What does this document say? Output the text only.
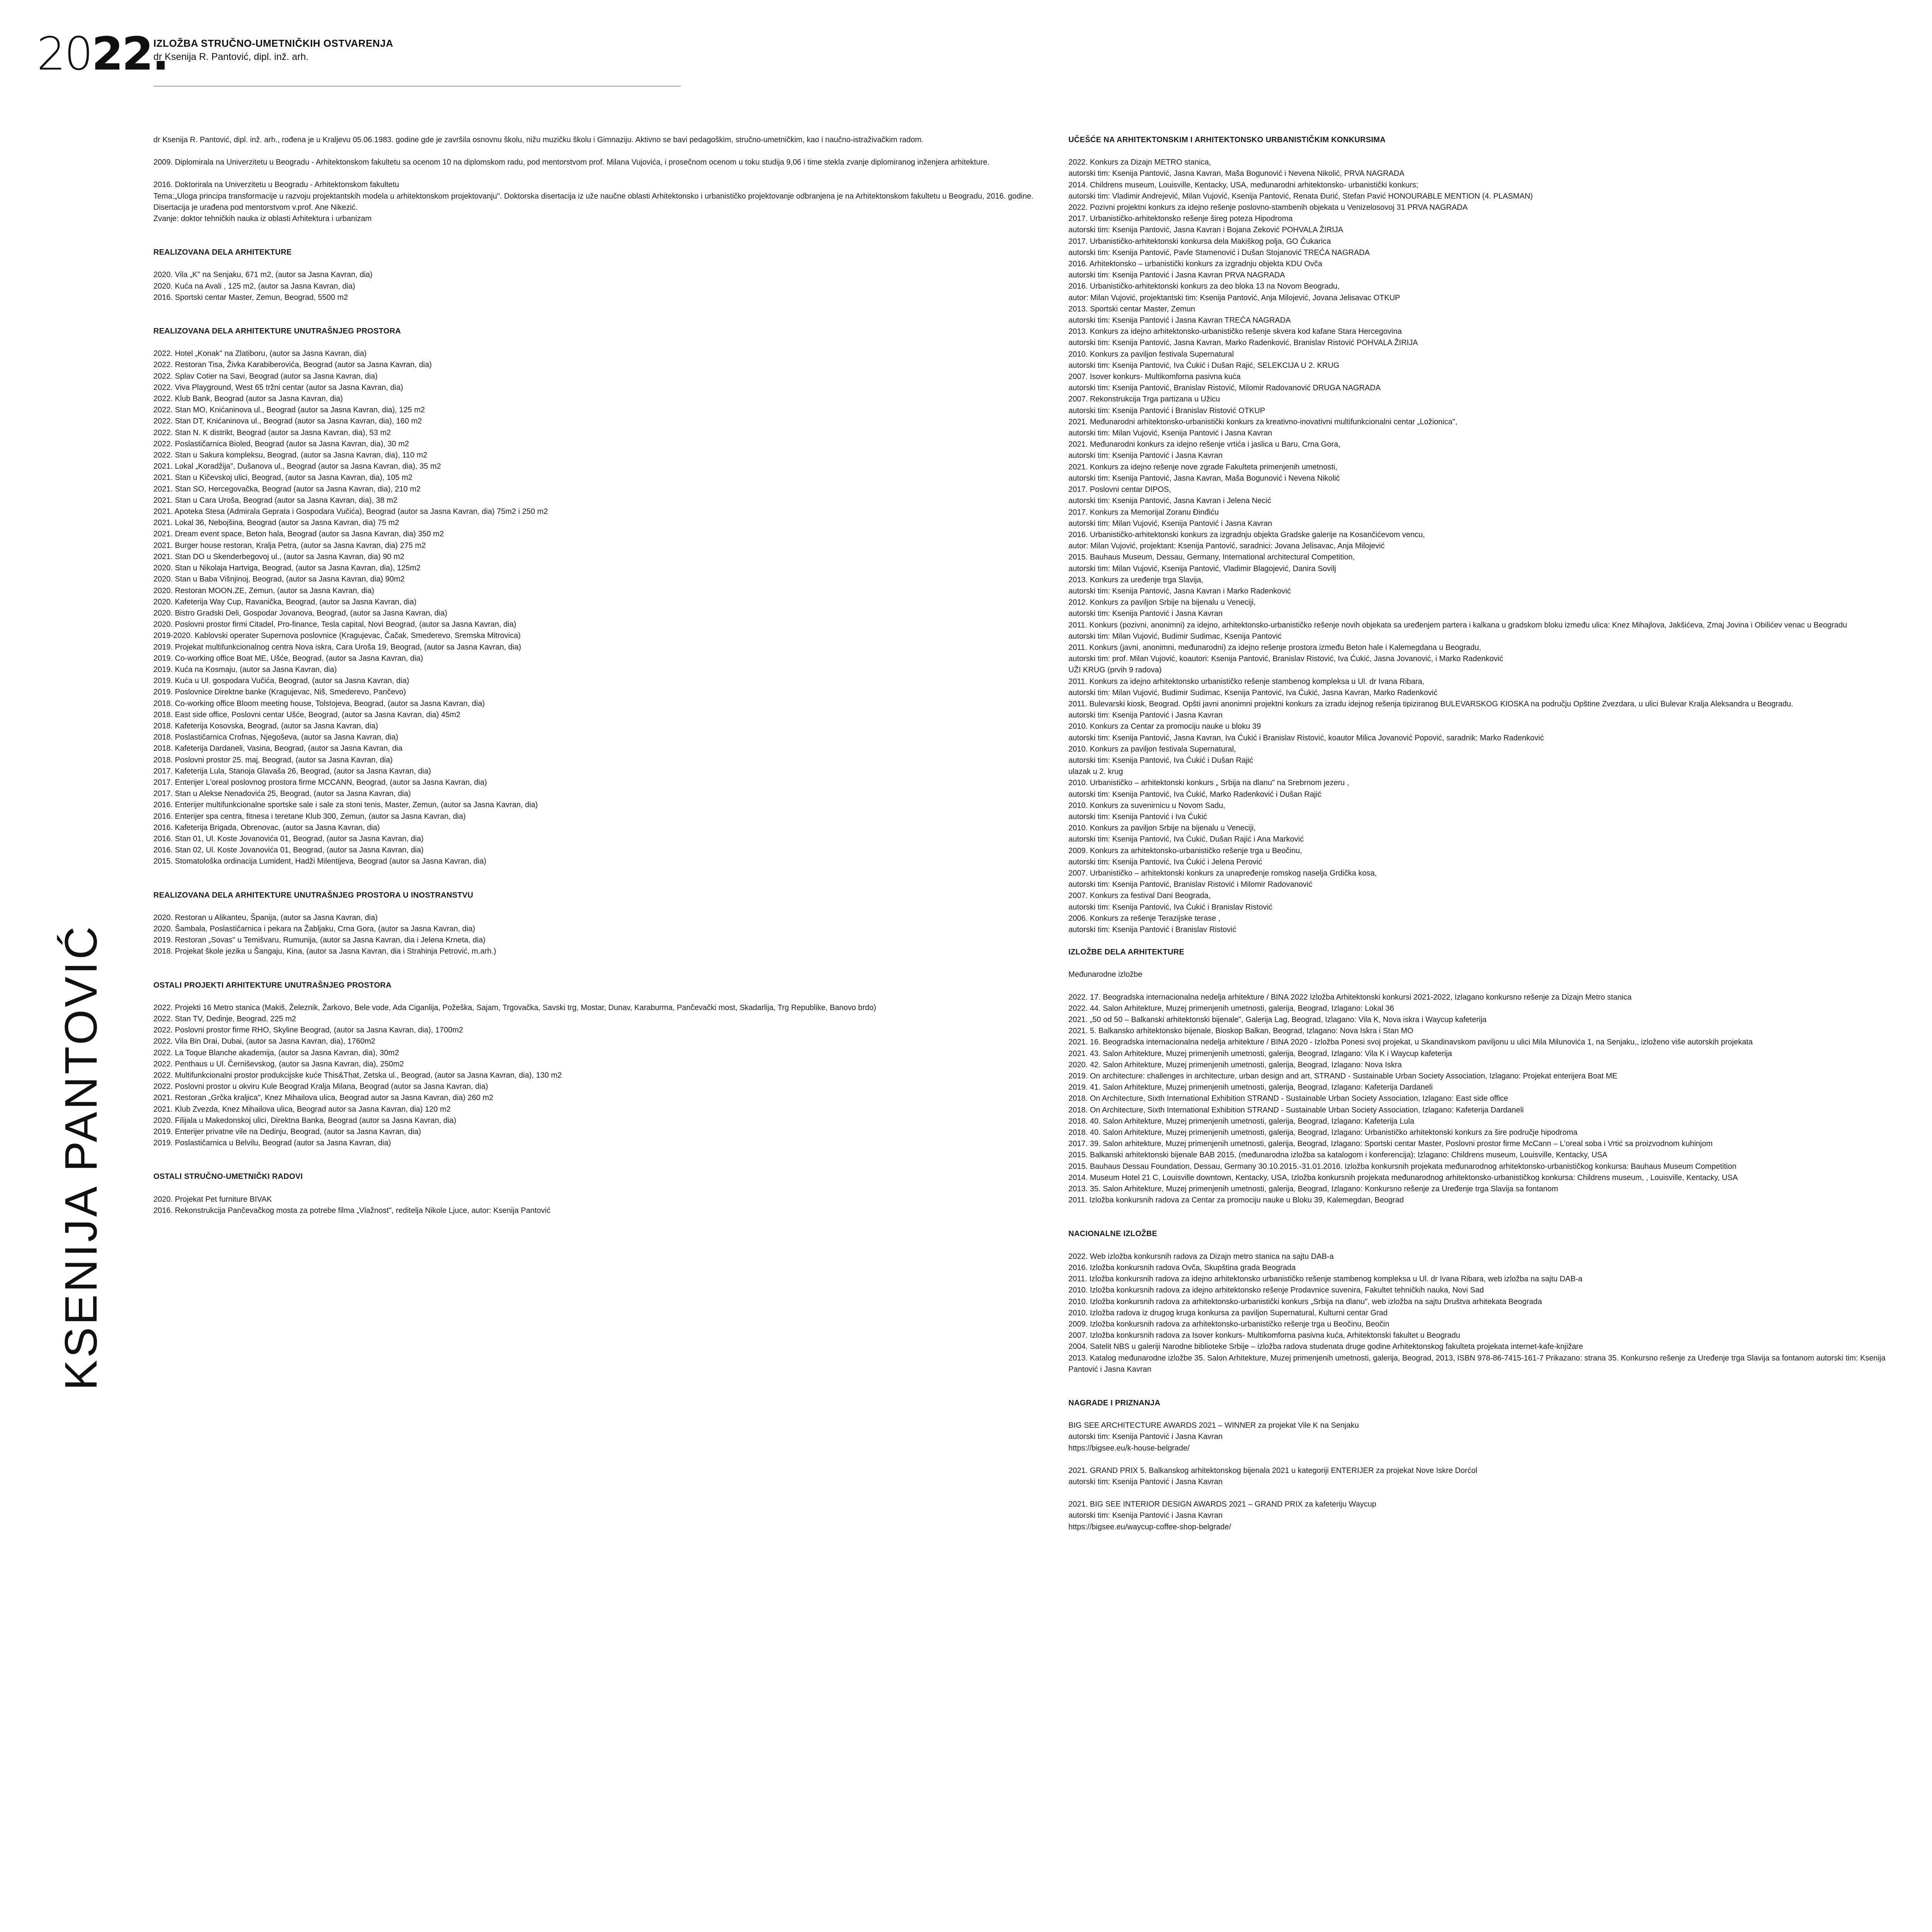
2022.
IZLOŽBA STRUČNO-UMETNIČKIH OSTVARENJA
dr Ksenija R. Pantović, dipl. inž. arh.
KSENIJA PANTOVIĆ

dr Ksenija R. Pantović, dipl. inž. arh., rođena je u Kraljevu 05.06.1983. godine gde je završila osnovnu školu, nižu muzičku školu i Gimnaziju. Aktivno se bavi pedagoškim, stručno-umetničkim, kao i naučno-istraživačkim radom.

2009. Diplomirala na Univerzitetu u Beogradu - Arhitektonskom fakultetu sa ocenom 10 na diplomskom radu, pod mentorstvom prof. Milana Vujovića, i prosečnom ocenom u toku studija 9,06 i time stekla zvanje diplomiranog inženjera arhitekture.

2016. Doktorirala na Univerzitetu u Beogradu - Arhitektonskom fakultetu
Tema:„Uloga principa transformacije u razvoju projektantskih modela u arhitektonskom projektovanju". Doktorska disertacija iz uže naučne oblasti Arhitektonsko i urbanističko projektovanje odbranjena je na Arhitektonskom fakultetu u Beogradu, 2016. godine. Disertacija je urađena pod mentorstvom v.prof. Ane Nikezić.
Zvanje: doktor tehničkih nauka iz oblasti Arhitektura i urbanizam
REALIZOVANA DELA ARHITEKTURE
2020. Vila „K" na Senjaku, 671 m2, (autor sa Jasna Kavran, dia)
2020. Kuća na Avali , 125 m2, (autor sa Jasna Kavran, dia)
2016. Sportski centar Master, Zemun, Beograd, 5500 m2
REALIZOVANA DELA ARHITEKTURE UNUTRAŠNJEG PROSTORA
2022. Hotel „Konak" na Zlatiboru, (autor sa Jasna Kavran, dia)
2022. Restoran Tisa, Živka Karabiberovića, Beograd (autor sa Jasna Kavran, dia)
2022. Splav Cotier na Savi, Beograd (autor sa Jasna Kavran, dia)
2022. Viva Playground, West 65 tržni centar (autor sa Jasna Kavran, dia)
2022. Klub Bank, Beograd (autor sa Jasna Kavran, dia)
2022. Stan MO, Knićaninova ul., Beograd (autor sa Jasna Kavran, dia), 125 m2
2022. Stan DT, Knićaninova ul., Beograd (autor sa Jasna Kavran, dia), 160 m2
2022. Stan N. K distrikt, Beograd (autor sa Jasna Kavran, dia), 53 m2
2022. Poslastičarnica Bioled, Beograd (autor sa Jasna Kavran, dia), 30 m2
2022. Stan u Sakura kompleksu, Beograd, (autor sa Jasna Kavran, dia), 110 m2
2021. Lokal „Koradžija", Dušanova ul., Beograd (autor sa Jasna Kavran, dia), 35 m2
2021. Stan u Kičevskoj ulici, Beograd, (autor sa Jasna Kavran, dia), 105 m2
2021. Stan SO, Hercegovačka, Beograd (autor sa Jasna Kavran, dia), 210 m2
2021. Stan u Cara Uroša, Beograd (autor sa Jasna Kavran, dia), 38 m2
2021. Apoteka Stesa (Admirala Geprata i Gospodara Vučića), Beograd (autor sa Jasna Kavran, dia) 75m2 i 250 m2
2021. Lokal 36, Nebojšina, Beograd (autor sa Jasna Kavran, dia) 75 m2
2021. Dream event space, Beton hala, Beograd (autor sa Jasna Kavran, dia) 350 m2
2021. Burger house restoran, Kralja Petra, (autor sa Jasna Kavran, dia) 275 m2
2021. Stan DO u Skenderbegovoj ul., (autor sa Jasna Kavran, dia) 90 m2
2020. Stan u Nikolaja Hartviga, Beograd, (autor sa Jasna Kavran, dia), 125m2
2020. Stan u Baba Višnjinoj, Beograd, (autor sa Jasna Kavran, dia) 90m2
2020. Restoran MOON.ZE, Zemun, (autor sa Jasna Kavran, dia)
2020. Kafeterija Way Cup, Ravanička, Beograd, (autor sa Jasna Kavran, dia)
2020. Bistro Gradski Deli, Gospodar Jovanova, Beograd, (autor sa Jasna Kavran, dia)
2020. Poslovni prostor firmi Citadel, Pro-finance, Tesla capital, Novi Beograd, (autor sa Jasna Kavran, dia)
2019-2020. Kablovski operater Supernova poslovnice (Kragujevac, Čačak, Smederevo, Sremska Mitrovica)
2019. Projekat multifunkcionalnog centra Nova iskra, Cara Uroša 19, Beograd, (autor sa Jasna Kavran, dia)
2019. Co-working office Boat ME, Ušće, Beograd, (autor sa Jasna Kavran, dia)
2019. Kuća na Kosmaju, (autor sa Jasna Kavran, dia)
2019. Kuća u Ul. gospodara Vučića, Beograd, (autor sa Jasna Kavran, dia)
2019. Poslovnice Direktne banke (Kragujevac, Niš, Smederevo, Pančevo)
2018. Co-working office Bloom meeting house, Tolstojeva, Beograd, (autor sa Jasna Kavran, dia)
2018. East side office, Poslovni centar Ušće, Beograd, (autor sa Jasna Kavran, dia) 45m2
2018. Kafeterija Kosovska, Beograd, (autor sa Jasna Kavran, dia)
2018. Poslastičarnica Crofnas, Njegoševa, (autor sa Jasna Kavran, dia)
2018. Kafeterija Dardaneli, Vasina, Beograd, (autor sa Jasna Kavran, dia
2018. Poslovni prostor 25. maj, Beograd, (autor sa Jasna Kavran, dia)
2017. Kafeterija Lula, Stanoja Glavaša 26, Beograd, (autor sa Jasna Kavran, dia)
2017. Enterijer L'oreal poslovnog prostora firme MCCANN, Beograd, (autor sa Jasna Kavran, dia)
2017. Stan u Alekse Nenadovića 25, Beograd, (autor sa Jasna Kavran, dia)
2016. Enterijer multifunkcionalne sportske sale i sale za stoni tenis, Master, Zemun, (autor sa Jasna Kavran, dia)
2016. Enterijer spa centra, fitnesa i teretane Klub 300, Zemun, (autor sa Jasna Kavran, dia)
2016. Kafeterija Brigada, Obrenovac, (autor sa Jasna Kavran, dia)
2016. Stan 01, Ul. Koste Jovanovića 01, Beograd, (autor sa Jasna Kavran, dia)
2016. Stan 02, Ul. Koste Jovanovića 01, Beograd, (autor sa Jasna Kavran, dia)
2015. Stomatološka ordinacija Lumident, Hadži Milentijeva, Beograd (autor sa Jasna Kavran, dia)
REALIZOVANA DELA ARHITEKTURE UNUTRAŠNJEG PROSTORA U INOSTRANSTVU
2020. Restoran u Alikanteu, Španija, (autor sa Jasna Kavran, dia)
2020. Šambala, Poslastičarnica i pekara na Žabljaku, Crna Gora, (autor sa Jasna Kavran, dia)
2019. Restoran „Sovas" u Temišvaru, Rumunija, (autor sa Jasna Kavran, dia i Jelena Krneta, dia)
2018. Projekat škole jezika u Šangaju, Kina, (autor sa Jasna Kavran, dia i Strahinja Petrović, m.arh.)
OSTALI PROJEKTI ARHITEKTURE UNUTRAŠNJEG PROSTORA
2022. Projekti 16 Metro stanica (Makiš, Železnik, Žarkovo, Bele vode, Ada Ciganlija, Požeška, Sajam, Trgovačka, Savski trg, Mostar, Dunav, Karaburma, Pančevački most, Skadarlija, Trg Republike, Banovo brdo)
2022. Stan TV, Dedinje, Beograd, 225 m2
2022. Poslovni prostor firme RHO, Skyline Beograd, (autor sa Jasna Kavran, dia), 1700m2
2022. Vila Bin Drai, Dubai, (autor sa Jasna Kavran, dia), 1760m2
2022. La Toque Blanche akademija, (autor sa Jasna Kavran, dia), 30m2
2022. Penthaus u Ul. Černiševskog, (autor sa Jasna Kavran, dia), 250m2
2022. Multifunkcionalni prostor produkcijske kuće This&That, Zetska ul., Beograd, (autor sa Jasna Kavran, dia), 130 m2
2022. Poslovni prostor u okviru Kule Beograd Kralja Milana, Beograd (autor sa Jasna Kavran, dia)
2021. Restoran „Grčka kraljica", Knez Mihailova ulica, Beograd autor sa Jasna Kavran, dia) 260 m2
2021. Klub Zvezda, Knez Mihailova ulica, Beograd autor sa Jasna Kavran, dia) 120 m2
2020. Filijala u Makedonskoj ulici, Direktna Banka, Beograd (autor sa Jasna Kavran, dia)
2019. Enterijer privatne vile na Dedinju, Beograd, (autor sa Jasna Kavran, dia)
2019. Poslastičarnica u Belvilu, Beograd (autor sa Jasna Kavran, dia)
OSTALI STRUČNO-UMETNIČKI RADOVI
2020. Projekat Pet furniture BIVAK
2016. Rekonstrukcija Pančevačkog mosta za potrebe filma „Vlažnost", reditelja Nikole Ljuce, autor: Ksenija Pantović
UČEŠĆE NA ARHITEKTONSKIM I ARHITEKTONSKO URBANISTIČKIM KONKURSIMA
2022. Konkurs za Dizajn METRO stanica,
autorski tim: Ksenija Pantović, Jasna Kavran, Maša Bogunović i Nevena Nikolić, PRVA NAGRADA
2014. Childrens museum, Louisville, Kentacky, USA, međunarodni arhitektonsko- urbanistički konkurs;
autorski tim: Vladimir Andrejević, Milan Vujović, Ksenija Pantović, Renata Đurić, Stefan Pavić HONOURABLE MENTION (4. PLASMAN)
2022. Pozivni projektni konkurs za idejno rešenje poslovno-stambenih objekata u Venizelosovoj 31 PRVA NAGRADA
2017. Urbanističko-arhitektonsko rešenje šireg poteza Hipodroma
autorski tim: Ksenija Pantović, Jasna Kavran i Bojana Zeković POHVALA ŽIRIJA
2017. Urbanističko-arhitektonski konkursa dela Makiškog polja, GO Čukarica
autorski tim: Ksenija Pantović, Pavle Stamenović i Dušan Stojanović TREĆA NAGRADA
2016. Arhitektonsko – urbanistički konkurs za izgradnju objekta KDU Ovča
autorski tim: Ksenija Pantović i Jasna Kavran PRVA NAGRADA
2016. Urbanističko-arhitektonski konkurs za deo bloka 13 na Novom Beogradu,
autor: Milan Vujović, projektantski tim: Ksenija Pantović, Anja Milojević, Jovana Jelisavac OTKUP
2013. Sportski centar Master, Zemun
autorski tim: Ksenija Pantović i Jasna Kavran TREĆA NAGRADA
2013. Konkurs za idejno arhitektonsko-urbanističko rešenje skvera kod kafane Stara Hercegovina
autorski tim: Ksenija Pantović, Jasna Kavran, Marko Radenković, Branislav Ristović POHVALA ŽIRIJA
2010. Konkurs za paviljon festivala Supernatural
autorski tim: Ksenija Pantović, Iva Ćukić i Dušan Rajić, SELEKCIJA U 2. KRUG
2007. Isover konkurs- Multikomforna pasivna kuća
autorski tim: Ksenija Pantović, Branislav Ristović, Milomir Radovanović DRUGA NAGRADA
2007. Rekonstrukcija Trga partizana u Užicu
autorski tim: Ksenija Pantović i Branislav Ristović OTKUP
2021. Međunarodni arhitektonsko-urbanistički konkurs za kreativno-inovativni multifunkcionalni centar „Ložionica",
autorski tim: Milan Vujović, Ksenija Pantović i Jasna Kavran
2021. Međunarodni konkurs za idejno rešenje vrtića i jaslica u Baru, Crna Gora,
autorski tim: Ksenija Pantović i Jasna Kavran
2021. Konkurs za idejno rešenje nove zgrade Fakulteta primenjenih umetnosti,
autorski tim: Ksenija Pantović, Jasna Kavran, Maša Bogunović i Nevena Nikolić
2017. Poslovni centar DIPOS,
autorski tim: Ksenija Pantović, Jasna Kavran i Jelena Necić
2017. Konkurs za Memorijal Zoranu Đinđiću
autorski tim: Milan Vujović, Ksenija Pantović i Jasna Kavran
2016. Urbanističko-arhitektonski konkurs za izgradnju objekta Gradske galerije na Kosančićevom vencu,
autor: Milan Vujović, projektant: Ksenija Pantović, saradnici: Jovana Jelisavac, Anja Milojević
2015. Bauhaus Museum, Dessau, Germany, International architectural Competition,
autorski tim: Milan Vujović, Ksenija Pantović, Vladimir Blagojević, Danira Sovilj
2013. Konkurs za uređenje trga Slavija,
autorski tim: Ksenija Pantović, Jasna Kavran i Marko Radenković
2012. Konkurs za paviljon Srbije na bijenalu u Veneciji,
autorski tim: Ksenija Pantović i Jasna Kavran
2011. Konkurs (pozivni, anonimni) za idejno, arhitektonsko-urbanističko rešenje novih objekata sa uređenjem partera i kalkana u gradskom bloku između ulica: Knez Mihajlova, Jakšićeva, Zmaj Jovina i Obilićev venac u Beogradu
autorski tim: Milan Vujović, Budimir Sudimac, Ksenija Pantović
2011. Konkurs (javni, anonimni, međunarodni) za idejno rešenje prostora između Beton hale i Kalemegdana u Beogradu,
autorski tim: prof. Milan Vujović, koautori: Ksenija Pantović, Branislav Ristović, Iva Ćukić, Jasna Jovanović, i Marko Radenković
UŽI KRUG (prvih 9 radova)
2011. Konkurs za idejno arhitektonsko urbanističko rešenje stambenog kompleksa u Ul. dr Ivana Ribara,
autorski tim: Milan Vujović, Budimir Sudimac, Ksenija Pantović, Iva Ćukić, Jasna Kavran, Marko Radenković
2011. Bulevarski kiosk, Beograd. Opšti javni anonimni projektni konkurs za izradu idejnog rešenja tipiziranog BULEVARSKOG KIOSKA na području Opštine Zvezdara, u ulici Bulevar Kralja Aleksandra u Beogradu.
autorski tim: Ksenija Pantović i Jasna Kavran
2010. Konkurs za Centar za promociju nauke u bloku 39
autorski tim: Ksenija Pantović, Jasna Kavran, Iva Ćukić i Branislav Ristović, koautor Milica Jovanović Popović, saradnik: Marko Radenković
2010. Konkurs za paviljon festivala Supernatural,
autorski tim: Ksenija Pantović, Iva Ćukić i Dušan Rajić
ulazak u 2. krug
2010. Urbanističko – arhitektonski konkurs „ Srbija na dlanu" na Srebrnom jezeru ,
autorski tim: Ksenija Pantović, Iva Ćukić, Marko Radenković i Dušan Rajić
2010. Konkurs za suvenirnicu u Novom Sadu,
autorski tim: Ksenija Pantović i Iva Ćukić
2010. Konkurs za paviljon Srbije na bijenalu u Veneciji,
autorski tim: Ksenija Pantović, Iva Ćukić, Dušan Rajić i Ana Marković
2009. Konkurs za arhitektonsko-urbanističko rešenje trga u Beočinu,
autorski tim: Ksenija Pantović, Iva Ćukić i Jelena Perović
2007. Urbanističko – arhitektonski konkurs za unapređenje romskog naselja Grdička kosa,
autorski tim: Ksenija Pantović, Branislav Ristović i Milomir Radovanović
2007. Konkurs za festival Dani Beograda,
autorski tim: Ksenija Pantović, Iva Ćukić i Branislav Ristović
2006. Konkurs za rešenje Terazijske terase ,
autorski tim: Ksenija Pantović i Branislav Ristović
IZLOŽBE DELA ARHITEKTURE
Međunarodne izložbe
2022. 17. Beogradska internacionalna nedelja arhitekture / BINA 2022 Izložba Arhitektonski konkursi 2021-2022, Izlagano konkursno rešenje za Dizajn Metro stanica
2022. 44. Salon Arhitekture, Muzej primenjenih umetnosti, galerija, Beograd, Izlagano: Lokal 36
2021. „50 od 50 – Balkanski arhitektonski bijenale", Galerija Lag, Beograd, Izlagano: Vila K, Nova iskra i Waycup kafeterija
2021. 5. Balkansko arhitektonsko bijenale, Bioskop Balkan, Beograd, Izlagano: Nova Iskra i Stan MO
2021. 16. Beogradska internacionalna nedelja arhitekture / BINA 2020 - Izložba Ponesi svoj projekat, u Skandinavskom paviljonu u ulici Mila Milunovića 1, na Senjaku,, izloženo više autorskih projekata
2021. 43. Salon Arhitekture, Muzej primenjenih umetnosti, galerija, Beograd, Izlagano: Vila K i Waycup kafeterija
2020. 42. Salon Arhitekture, Muzej primenjenih umetnosti, galerija, Beograd, Izlagano: Nova Iskra
2019. On architecture: challenges in architecture, urban design and art, STRAND - Sustainable Urban Society Association, Izlagano: Projekat enterijera Boat ME
2019. 41. Salon Arhitekture, Muzej primenjenih umetnosti, galerija, Beograd, Izlagano: Kafeterija Dardaneli
2018. On Architecture, Sixth International Exhibition STRAND - Sustainable Urban Society Association, Izlagano: East side office
2018. On Architecture, Sixth International Exhibition STRAND - Sustainable Urban Society Association, Izlagano: Kafeterija Dardaneli
2018. 40. Salon Arhitekture, Muzej primenjenih umetnosti, galerija, Beograd, Izlagano: Kafeterija Lula
2018. 40. Salon Arhitekture, Muzej primenjenih umetnosti, galerija, Beograd, Izlagano: Urbanističko arhitektonski konkurs za šire područje hipodroma
2017. 39. Salon arhitekture, Muzej primenjenih umetnosti, galerija, Beograd, Izlagano: Sportski centar Master, Poslovni prostor firme McCann – L'oreal soba i Vrtić sa proizvodnom kuhinjom
2015. Balkanski arhitektonski bijenale BAB 2015, (međunarodna izložba sa katalogom i konferencija); Izlagano: Childrens museum, Louisville, Kentacky, USA
2015. Bauhaus Dessau Foundation, Dessau, Germany 30.10.2015.-31.01.2016. Izložba konkursnih projekata međunarodnog arhitektonsko-urbanističkog konkursa: Bauhaus Museum Competition
2014. Museum Hotel 21 C, Louisville downtown, Kentacky, USA, Izložba konkursnih projekata međunarodnog arhitektonsko-urbanističkog konkursa: Childrens museum, , Louisville, Kentacky, USA
2013. 35. Salon Arhitekture, Muzej primenjenih umetnosti, galerija, Beograd, Izlagano: Konkursno rešenje za Uređenje trga Slavija sa fontanom
2011. Izložba konkursnih radova za Centar za promociju nauke u Bloku 39, Kalemegdan, Beograd
NACIONALNE IZLOŽBE
2022. Web izložba konkursnih radova za Dizajn metro stanica na sajtu DAB-a
2016. Izložba konkursnih radova Ovča, Skupština grada Beograda
2011. Izložba konkursnih radova za idejno arhitektonsko urbanističko rešenje stambenog kompleksa u Ul. dr Ivana Ribara, web izložba na sajtu DAB-a
2010. Izložba konkursnih radova za idejno arhitektonsko rešenje Prodavnice suvenira, Fakultet tehničkih nauka, Novi Sad
2010. Izložba konkursnih radova za arhitektonsko-urbanistički konkurs „Srbija na dlanu", web izložba na sajtu Društva arhitekata Beograda
2010. Izložba radova iz drugog kruga konkursa za paviljon Supernatural, Kulturni centar Grad
2009. Izložba konkursnih radova za arhitektonsko-urbanističko rešenje trga u Beočinu, Beočin
2007. Izložba konkursnih radova za Isover konkurs- Multikomforna pasivna kuća, Arhitektonski fakultet u Beogradu
2004. Satelit NBS u galeriji Narodne biblioteke Srbije – izložba radova studenata druge godine Arhitektonskog fakulteta projekata internet-kafe-knjižare
2013. Katalog međunarodne izložbe 35. Salon Arhitekture, Muzej primenjenih umetnosti, galerija, Beograd, 2013, ISBN 978-86-7415-161-7 Prikazano: strana 35. Konkursno rešenje za Uređenje trga Slavija sa fontanom autorski tim: Ksenija Pantović i Jasna Kavran
NAGRADE I PRIZNANJA
BIG SEE ARCHITECTURE AWARDS 2021 – WINNER za projekat Vile K na Senjaku
autorski tim: Ksenija Pantović i Jasna Kavran
https://bigsee.eu/k-house-belgrade/
2021. GRAND PRIX 5. Balkanskog arhitektonskog bijenala 2021 u kategoriji ENTERIJER za projekat Nove Iskre Dorćol
autorski tim: Ksenija Pantović i Jasna Kavran
2021. BIG SEE INTERIOR DESIGN AWARDS 2021 – GRAND PRIX za kafeteriju Waycup
autorski tim: Ksenija Pantović i Jasna Kavran
https://bigsee.eu/waycup-coffee-shop-belgrade/
